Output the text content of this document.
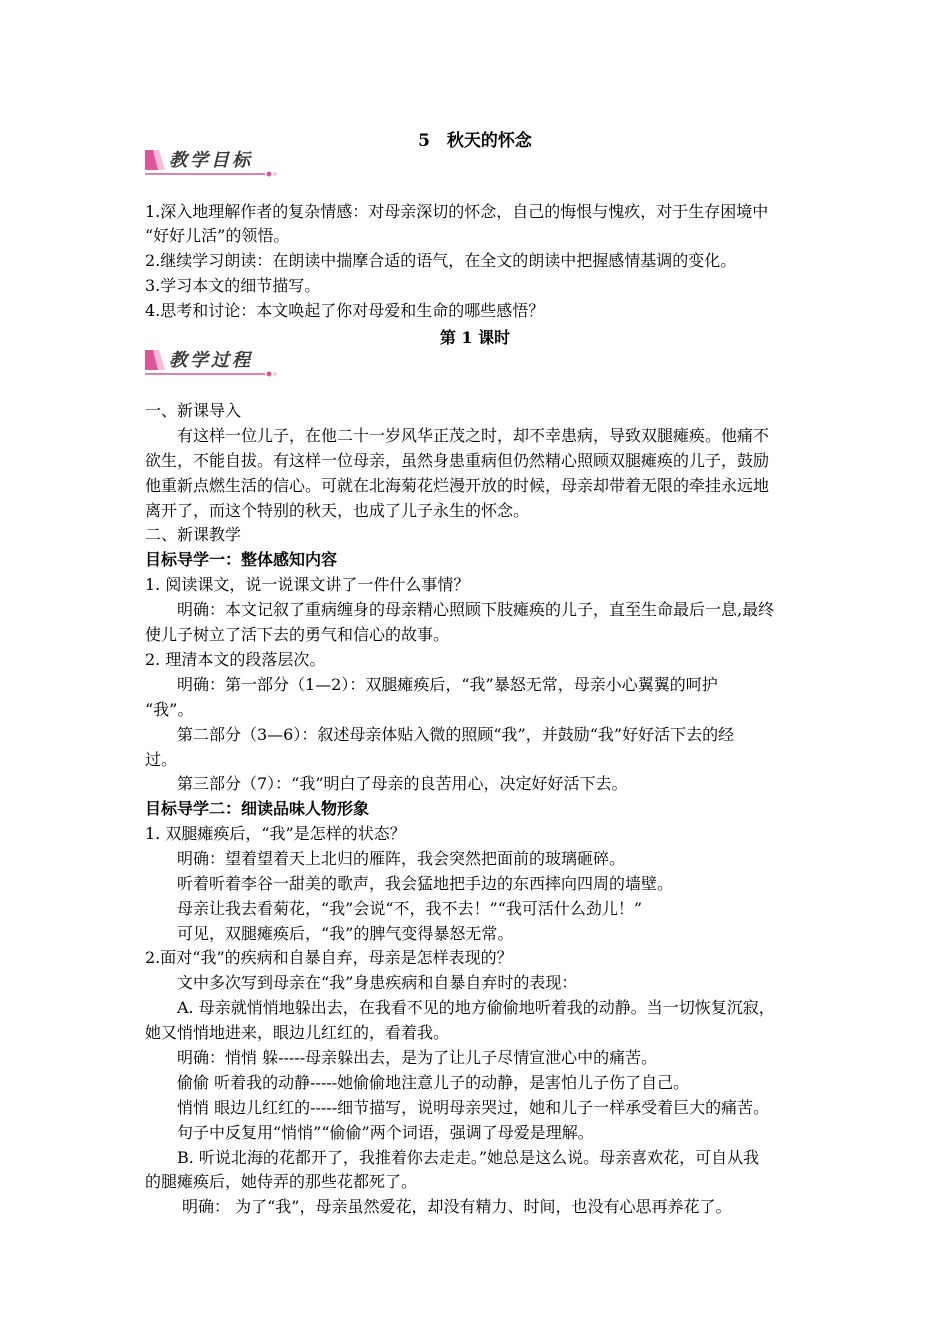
5　秋天的怀念
教学目标
1.深入地理解作者的复杂情感：对母亲深切的怀念，自己的悔恨与愧疚，对于生存困境中
“好好儿活”的领悟。
2.继续学习朗读：在朗读中揣摩合适的语气，在全文的朗读中把握感情基调的变化。
3.学习本文的细节描写。
4.思考和讨论：本文唤起了你对母爱和生命的哪些感悟？
第 1 课时
教学过程
一、新课导入
有这样一位儿子，在他二十一岁风华正茂之时，却不幸患病，导致双腿瘫痪。他痛不
欲生，不能自拔。有这样一位母亲，虽然身患重病但仍然精心照顾双腿瘫痪的儿子，鼓励
他重新点燃生活的信心。可就在北海菊花烂漫开放的时候，母亲却带着无限的牵挂永远地
离开了，而这个特别的秋天，也成了儿子永生的怀念。
二、新课教学
目标导学一：整体感知内容
1. 阅读课文，说一说课文讲了一件什么事情？
明确：本文记叙了重病缠身的母亲精心照顾下肢瘫痪的儿子，直至生命最后一息,最终
使儿子树立了活下去的勇气和信心的故事。
2. 理清本文的段落层次。
明确：第一部分（1—2）：双腿瘫痪后，“我”暴怒无常，母亲小心翼翼的呵护
“我”。
第二部分（3—6）：叙述母亲体贴入微的照顾“我”，并鼓励“我”好好活下去的经
过。
第三部分（7）：“我”明白了母亲的良苦用心，决定好好活下去。
目标导学二：细读品味人物形象
1. 双腿瘫痪后，“我”是怎样的状态？
明确：望着望着天上北归的雁阵，我会突然把面前的玻璃砸碎。
听着听着李谷一甜美的歌声，我会猛地把手边的东西摔向四周的墙壁。
母亲让我去看菊花，“我”会说“不，我不去！”“我可活什么劲儿！”
可见，双腿瘫痪后，“我”的脾气变得暴怒无常。
2.面对“我”的疾病和自暴自弃，母亲是怎样表现的？
文中多次写到母亲在“我”身患疾病和自暴自弃时的表现：
A. 母亲就悄悄地躲出去，在我看不见的地方偷偷地听着我的动静。当一切恢复沉寂，
她又悄悄地进来，眼边儿红红的，看着我。
明确：悄悄 躲-----母亲躲出去，是为了让儿子尽情宣泄心中的痛苦。
偷偷 听着我的动静-----她偷偷地注意儿子的动静，是害怕儿子伤了自己。
悄悄 眼边儿红红的-----细节描写，说明母亲哭过，她和儿子一样承受着巨大的痛苦。
句子中反复用“悄悄”“偷偷”两个词语，强调了母爱是理解。
B. 听说北海的花都开了，我推着你去走走。”她总是这么说。母亲喜欢花，可自从我
的腿瘫痪后，她侍弄的那些花都死了。
明确： 为了“我”，母亲虽然爱花，却没有精力、时间，也没有心思再养花了。
